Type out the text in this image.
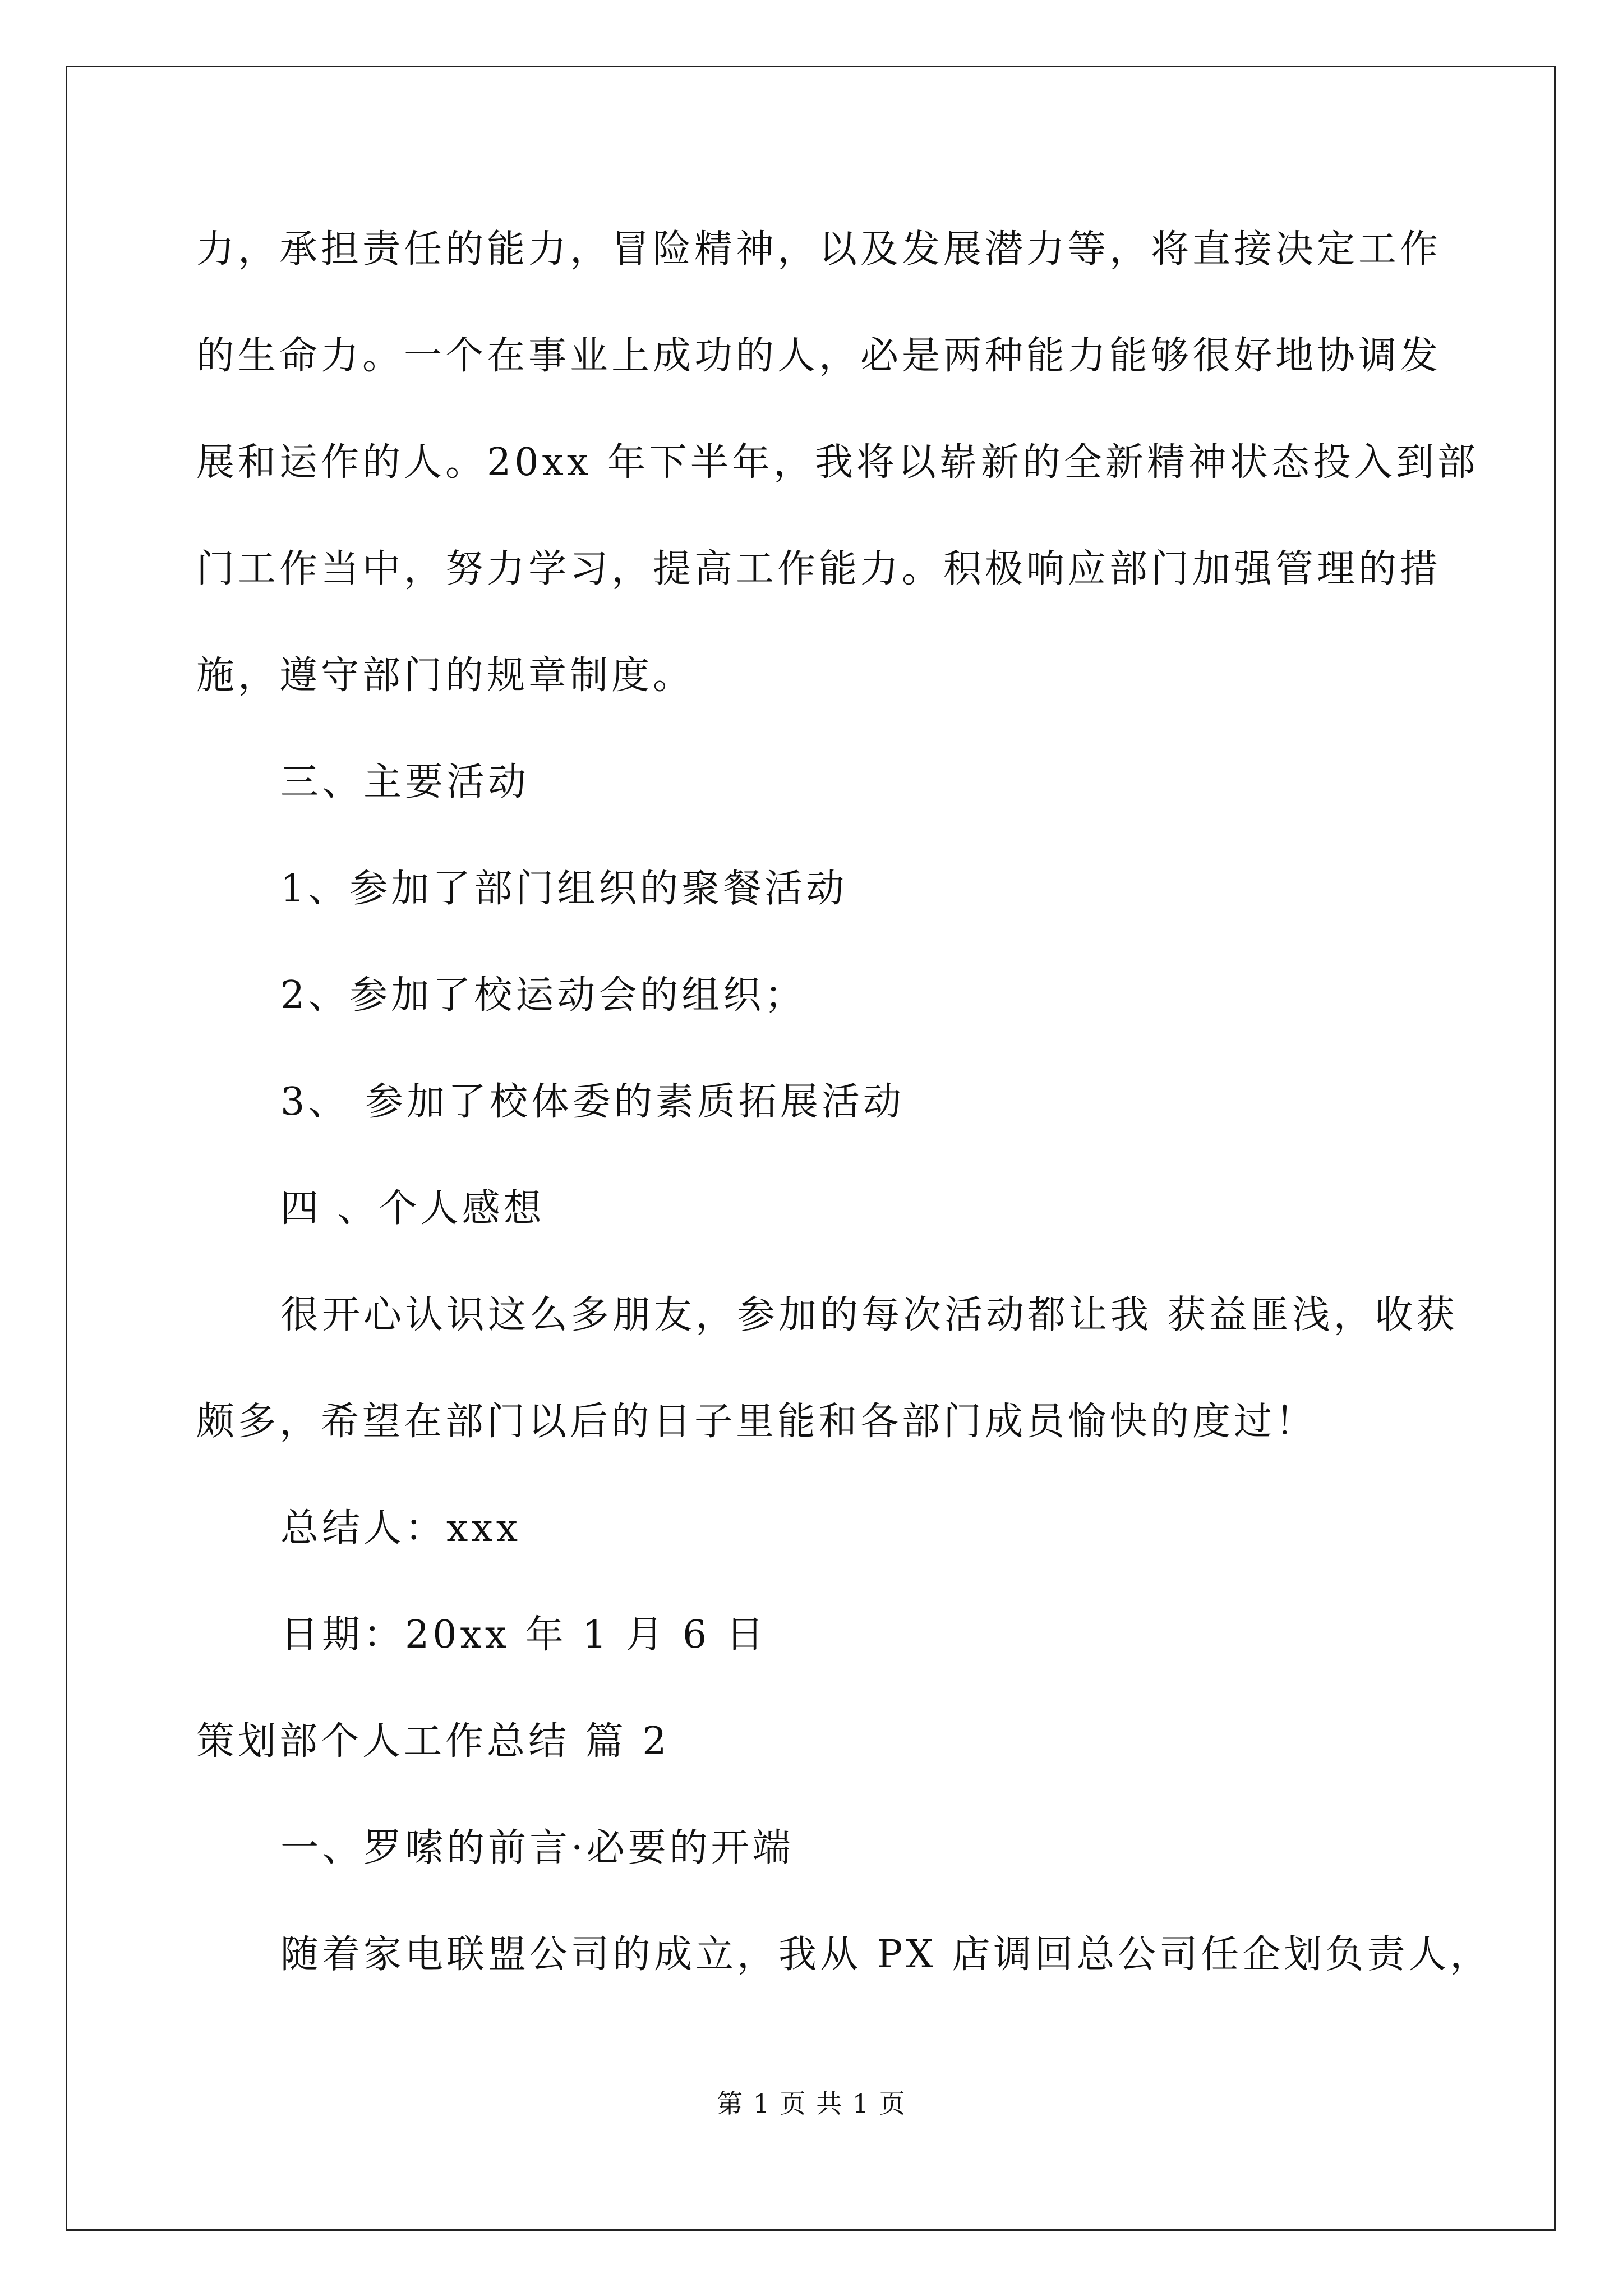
力，承担责任的能力，冒险精神，以及发展潜力等，将直接决定工作
的生命力。一个在事业上成功的人，必是两种能力能够很好地协调发
展和运作的人。20xx 年下半年，我将以崭新的全新精神状态投入到部
门工作当中，努力学习，提高工作能力。积极响应部门加强管理的措
施，遵守部门的规章制度。
三、主要活动
1、参加了部门组织的聚餐活动
2、参加了校运动会的组织；
3、 参加了校体委的素质拓展活动
四 、个人感想
很开心认识这么多朋友，参加的每次活动都让我 获益匪浅，收获
颇多，希望在部门以后的日子里能和各部门成员愉快的度过！
总结人：xxx
日期：20xx 年 1 月 6 日
策划部个人工作总结 篇 2
一、罗嗦的前言·必要的开端
随着家电联盟公司的成立，我从 PX 店调回总公司任企划负责人，
第 1 页 共 1 页
